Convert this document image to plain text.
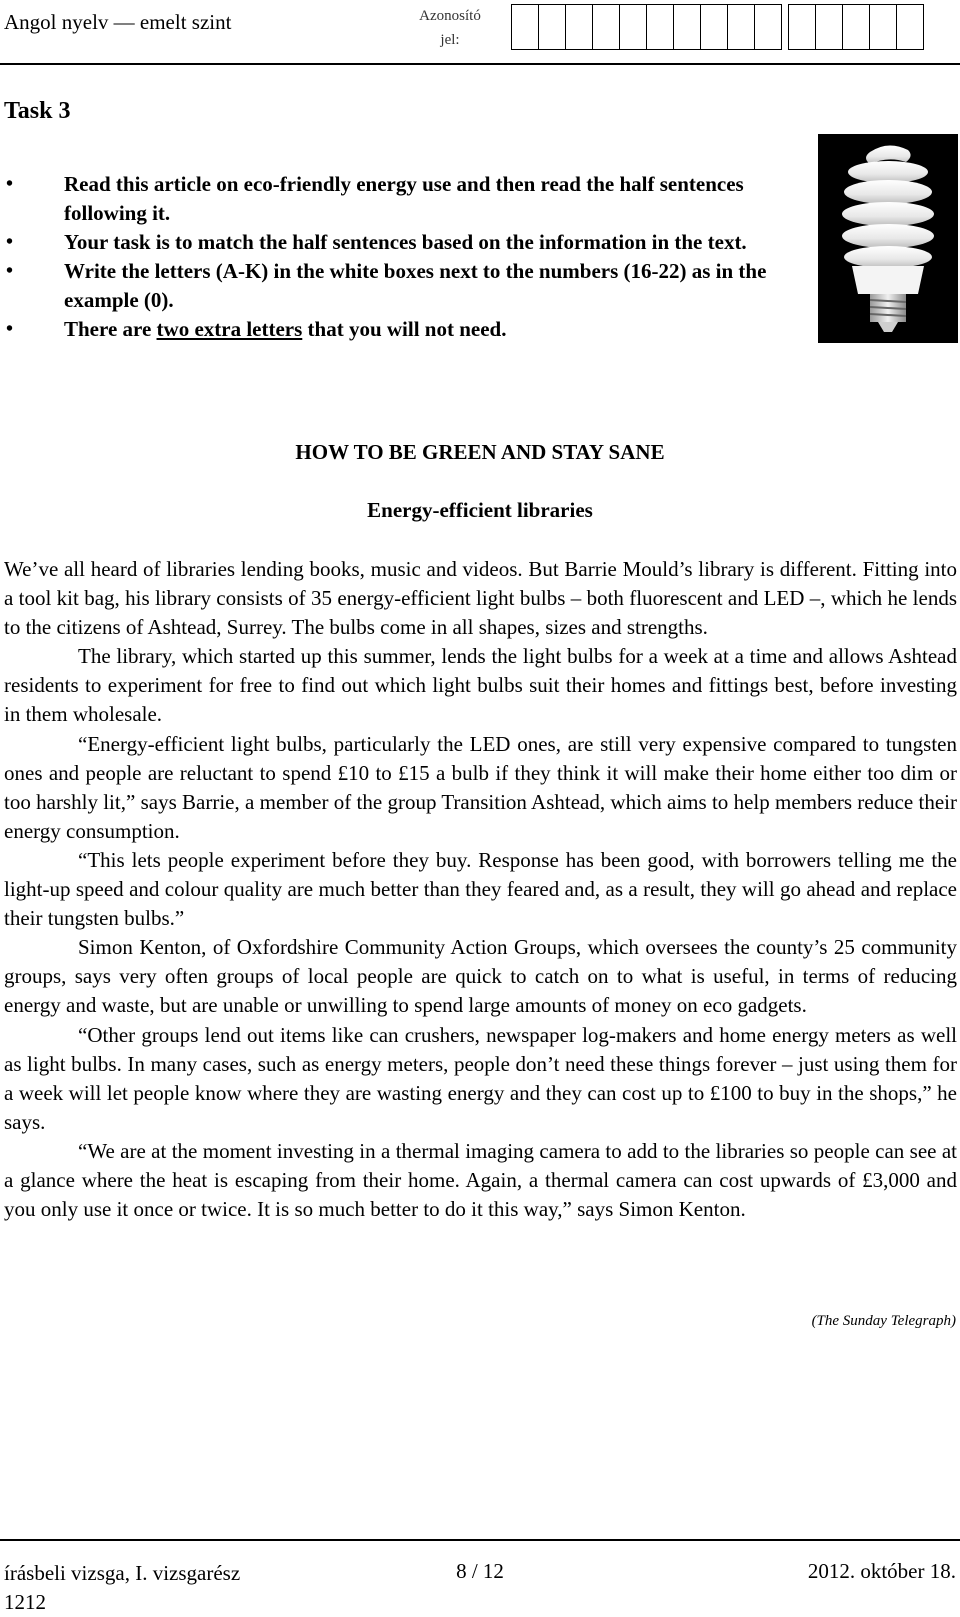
Angol nyelv — emelt szint	Azonosító
jel:
Task 3
• Read this article on eco-friendly energy use and then read the half sentences following it.
• Your task is to match the half sentences based on the information in the text.
• Write the letters (A-K) in the white boxes next to the numbers (16-22) as in the example (0).
• There are two extra letters that you will not need.
HOW TO BE GREEN AND STAY SANE
Energy-efficient libraries

We’ve all heard of libraries lending books, music and videos. But Barrie Mould’s library is different. Fitting into a tool kit bag, his library consists of 35 energy-efficient light bulbs – both fluorescent and LED –, which he lends to the citizens of Ashtead, Surrey. The bulbs come in all shapes, sizes and strengths.

The library, which started up this summer, lends the light bulbs for a week at a time and allows Ashtead residents to experiment for free to find out which light bulbs suit their homes and fittings best, before investing in them wholesale.

“Energy-efficient light bulbs, particularly the LED ones, are still very expensive compared to tungsten ones and people are reluctant to spend £10 to £15 a bulb if they think it will make their home either too dim or too harshly lit,” says Barrie, a member of the group Transition Ashtead, which aims to help members reduce their energy consumption.

“This lets people experiment before they buy. Response has been good, with borrowers telling me the light-up speed and colour quality are much better than they feared and, as a result, they will go ahead and replace their tungsten bulbs.”

Simon Kenton, of Oxfordshire Community Action Groups, which oversees the county’s 25 community groups, says very often groups of local people are quick to catch on to what is useful, in terms of reducing energy and waste, but are unable or unwilling to spend large amounts of money on eco gadgets.

“Other groups lend out items like can crushers, newspaper log-makers and home energy meters as well as light bulbs. In many cases, such as energy meters, people don’t need these things forever – just using them for a week will let people know where they are wasting energy and they can cost up to £100 to buy in the shops,” he says.

“We are at the moment investing in a thermal imaging camera to add to the libraries so people can see at a glance where the heat is escaping from their home. Again, a thermal camera can cost upwards of £3,000 and you only use it once or twice. It is so much better to do it this way,” says Simon Kenton.

(The Sunday Telegraph)
írásbeli vizsga, I. vizsgarész
1212
8 / 12	2012. október 18.
